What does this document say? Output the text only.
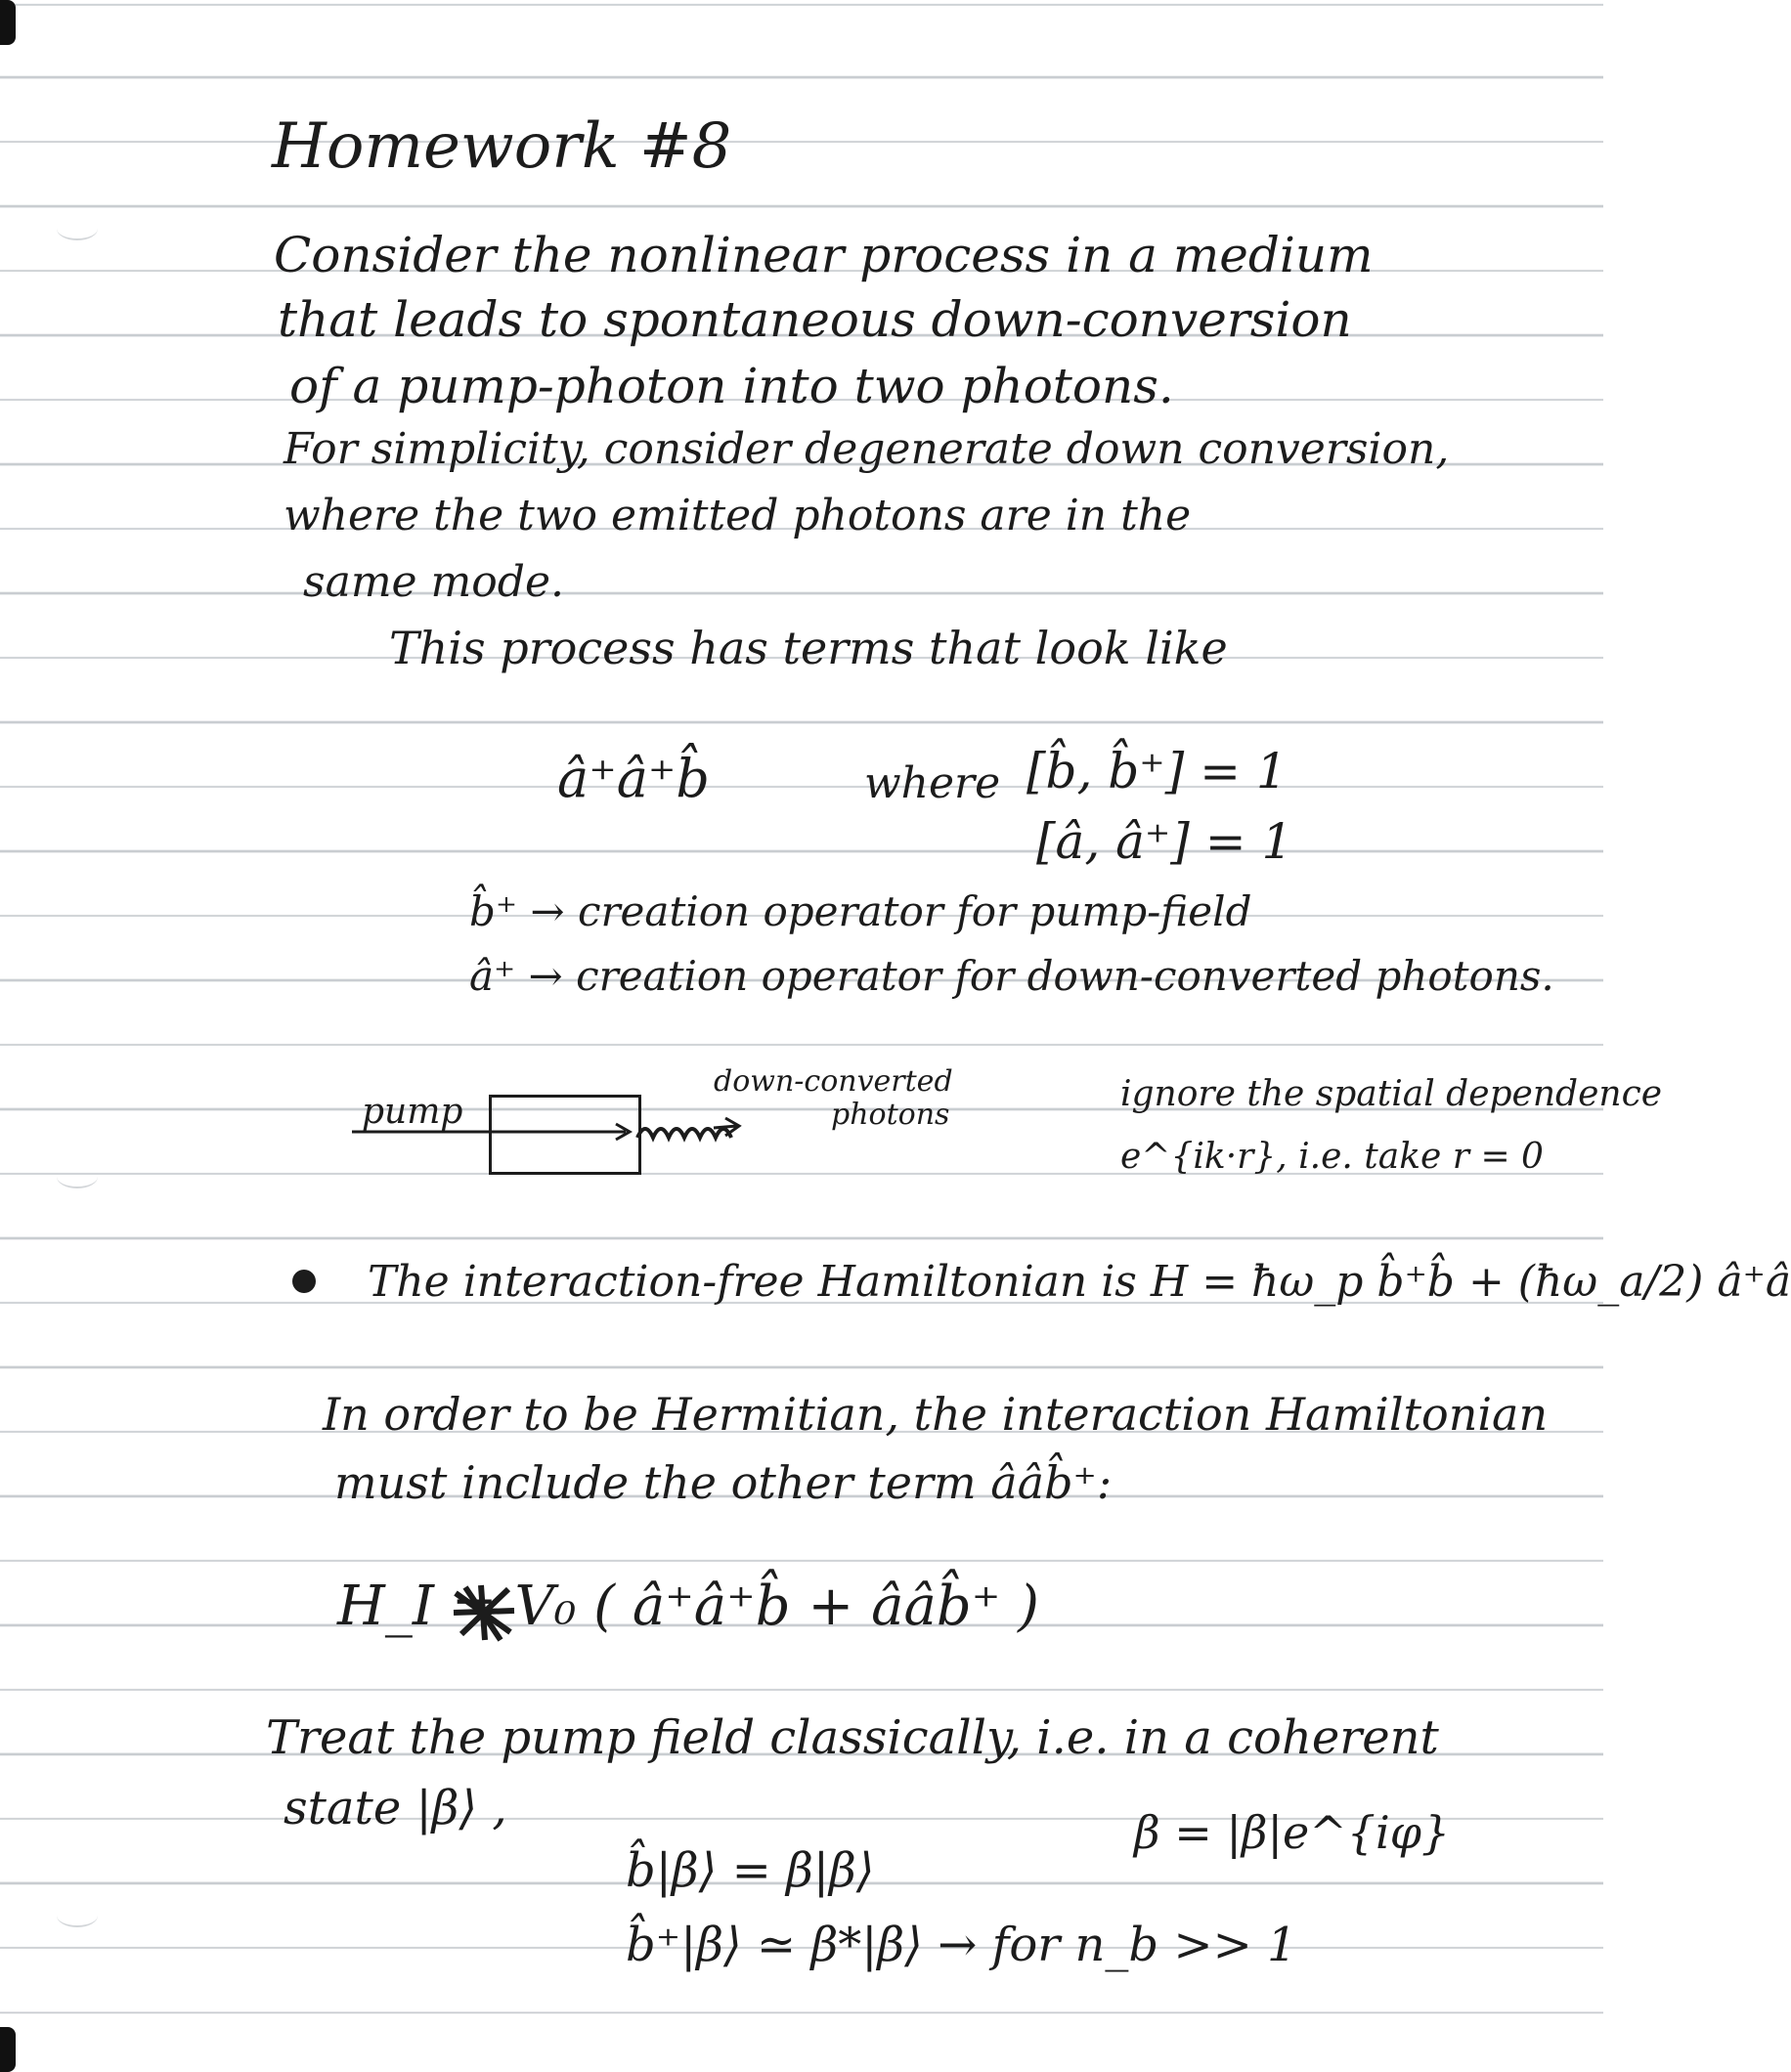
Homework #8
Consider the nonlinear process in a medium
that leads to spontaneous down-conversion
of a pump-photon into two photons.
For simplicity, consider degenerate down conversion,
where the two emitted photons are in the
same mode.
This process has terms that look like
â⁺â⁺b̂	where [b̂, b̂⁺] = 1
[â, â⁺] = 1
b̂⁺ → creation operator for pump-field
â⁺ → creation operator for down-converted photons.
pump
down-converted
photons
ignore the spatial dependence
e^{ik·r}, i.e. take r = 0
The interaction-free Hamiltonian is H = ħω_p b̂⁺b̂ + (ħω_a/2) â⁺â
In order to be Hermitian, the interaction Hamiltonian
must include the other term ââb̂⁺:
H_I = V₀ ( â⁺â⁺b̂ + ââb̂⁺ )
Treat the pump field classically, i.e. in a coherent
state |β⟩ ,	β = |β|e^{iφ}
b̂|β⟩ = β|β⟩
b̂⁺|β⟩ ≃ β*|β⟩ → for n_b >> 1
